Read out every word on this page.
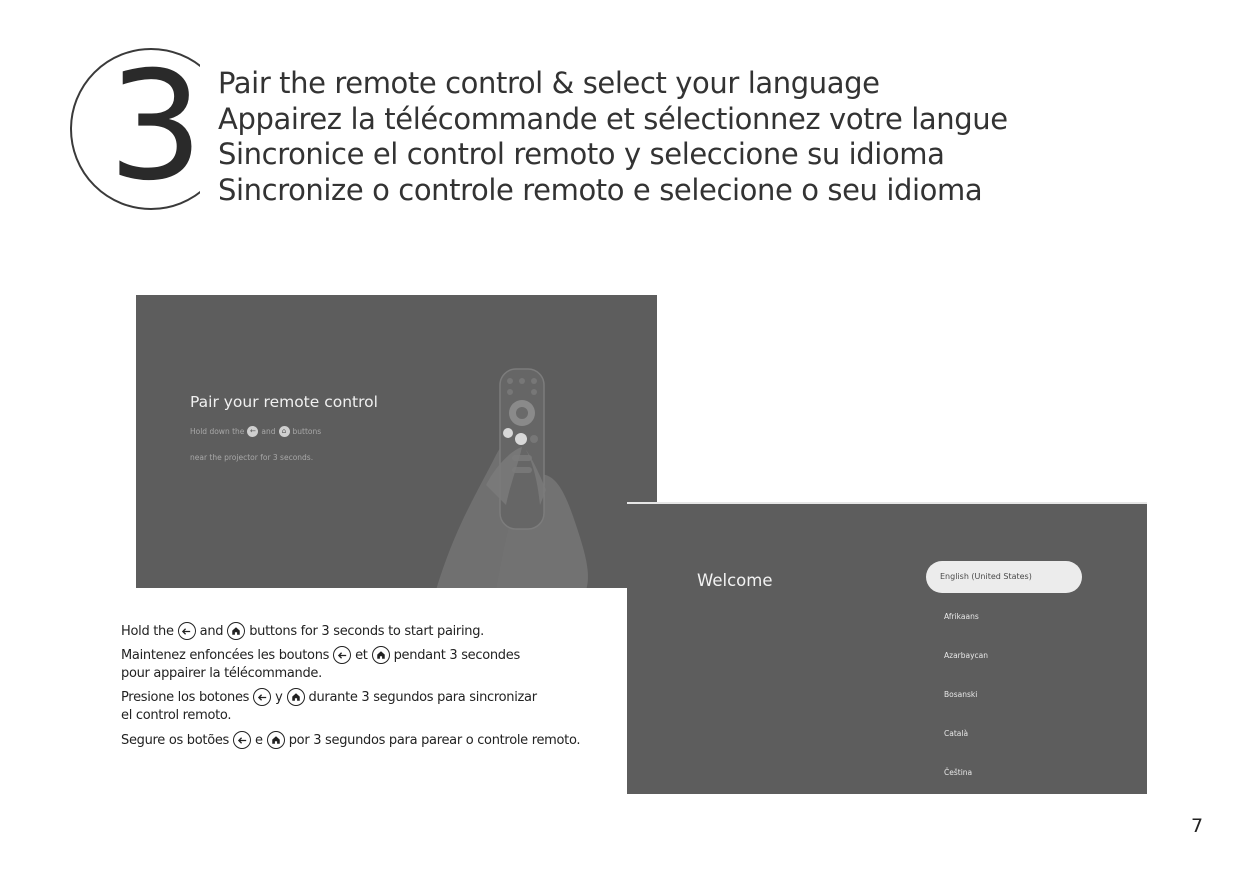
3 Pair the remote control & select your language
Appairez la télécommande et sélectionnez votre langue
Sincronice el control remoto y seleccione su idioma
Sincronize o controle remoto e selecione o seu idioma
Pair your remote control
Hold down the ← and ⌂ buttons
near the projector for 3 seconds.
Welcome	English (United States)
Afrikaans
Azarbaycan
Bosanski
Català
Čeština
Hold the and buttons for 3 seconds to start pairing.
Maintenez enfoncées les boutons et pendant 3 secondes
pour appairer la télécommande.
Presione los botones y durante 3 segundos para sincronizar
el control remoto.
Segure os botões e por 3 segundos para parear o controle remoto.
7
